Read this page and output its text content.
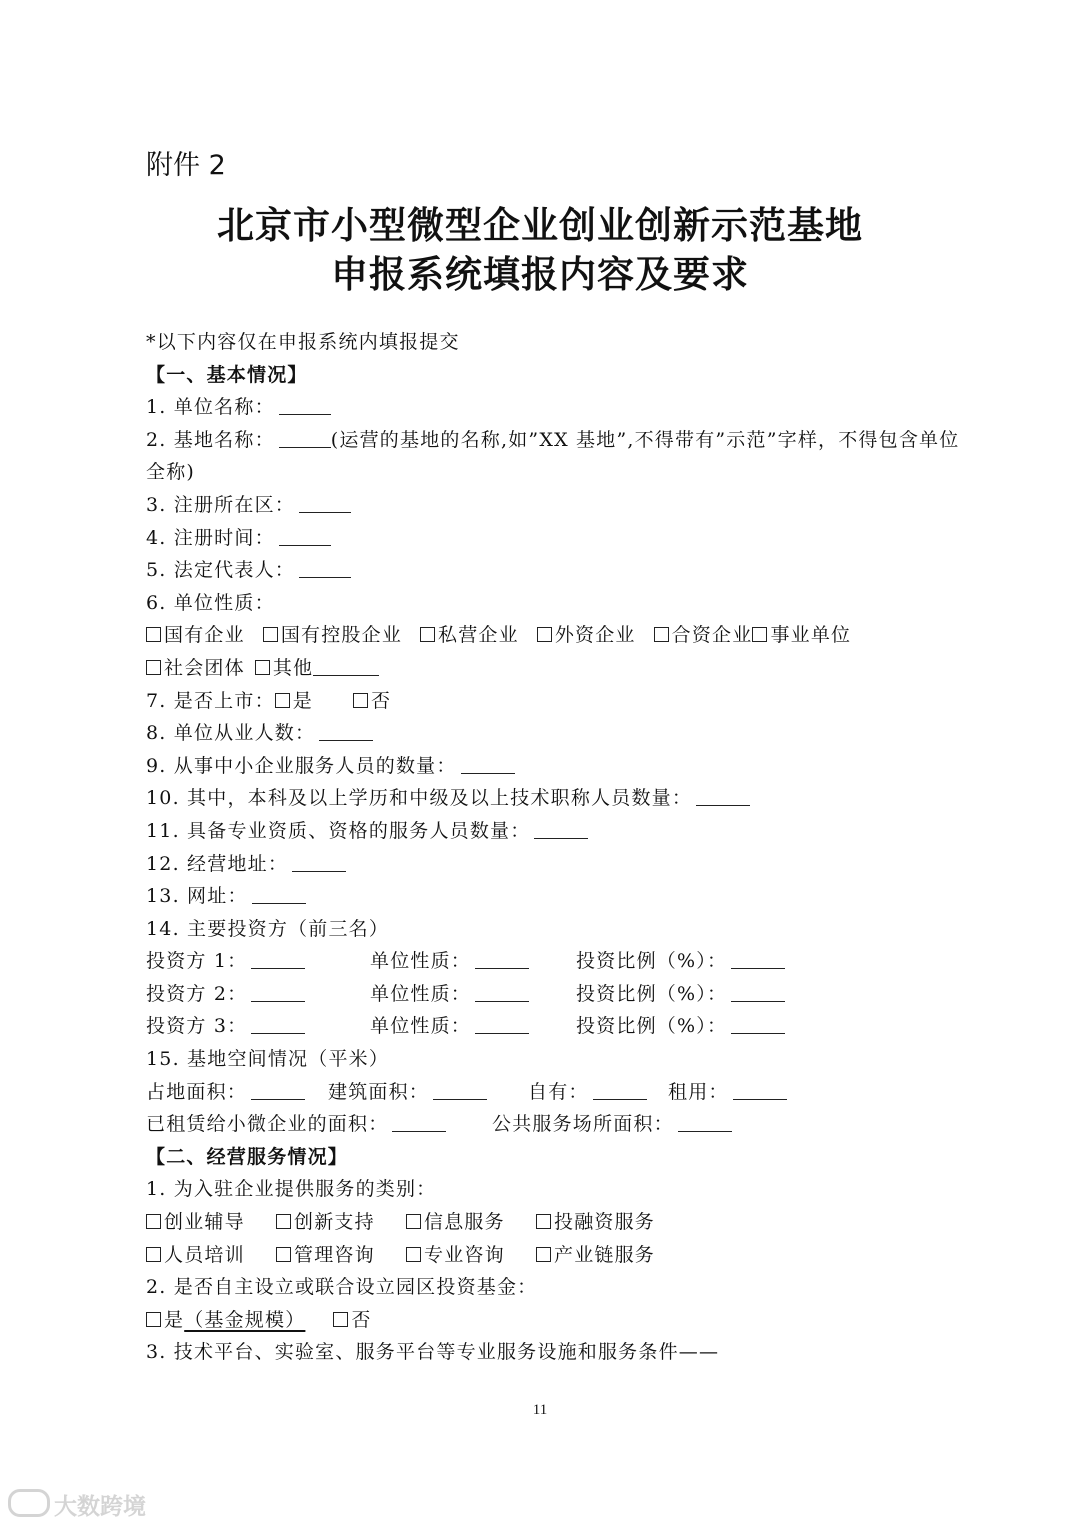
附件 2
北京市小型微型企业创业创新示范基地
申报系统填报内容及要求
*以下内容仅在申报系统内填报提交
【一、基本情况】
1. 单位名称：
2. 基地名称：	(运营的基地的名称,如”XX 基地”,不得带有”示范”字样，不得包含单位全称)
3. 注册所在区：
4. 注册时间：
5. 法定代表人：
6. 单位性质：
国有企业 国有控股企业 私营企业 外资企业 合资企业 事业单位
社会团体 其他
7. 是否上市： 是	否
8. 单位从业人数：
9. 从事中小企业服务人员的数量：
10. 其中，本科及以上学历和中级及以上技术职称人员数量：
11. 具备专业资质、资格的服务人员数量：
12. 经营地址：
13. 网址：
14. 主要投资方（前三名）
投资方 1：	单位性质：	投资比例（%）：
投资方 2：	单位性质：	投资比例（%）：
投资方 3：	单位性质：	投资比例（%）：
15. 基地空间情况（平米）
占地面积：	建筑面积：	自有：	租用：
已租赁给小微企业的面积：	公共服务场所面积：
【二、经营服务情况】
1. 为入驻企业提供服务的类别：
创业辅导	创新支持	信息服务	投融资服务
人员培训	管理咨询	专业咨询	产业链服务
2. 是否自主设立或联合设立园区投资基金：
是（基金规模） 否
3. 技术平台、实验室、服务平台等专业服务设施和服务条件——
11
大数跨境
